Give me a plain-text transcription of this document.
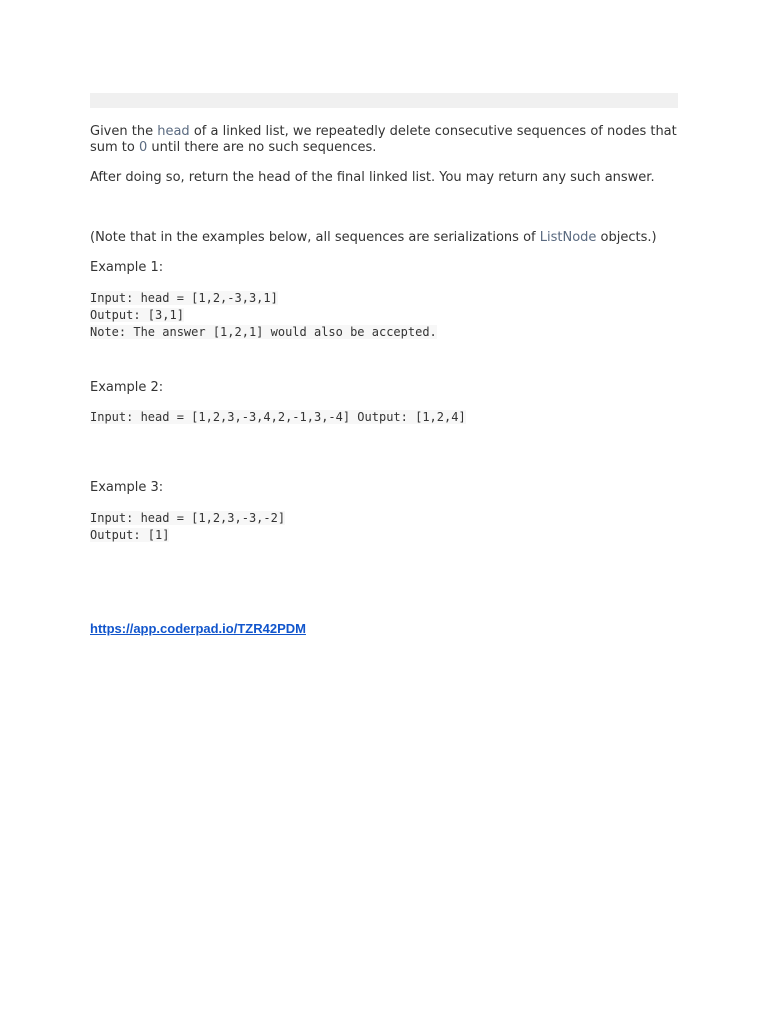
Given the head of a linked list, we repeatedly delete consecutive sequences of nodes that sum to 0 until there are no such sequences.

After doing so, return the head of the final linked list. You may return any such answer.

(Note that in the examples below, all sequences are serializations of ListNode objects.)

Example 1:

Input: head = [1,2,-3,3,1]

Output: [3,1]

Note: The answer [1,2,1] would also be accepted.

Example 2:

Input: head = [1,2,3,-3,4,2,-1,3,-4] Output: [1,2,4]

Example 3:

Input: head = [1,2,3,-3,-2]

Output: [1]

https://app.coderpad.io/TZR42PDM
